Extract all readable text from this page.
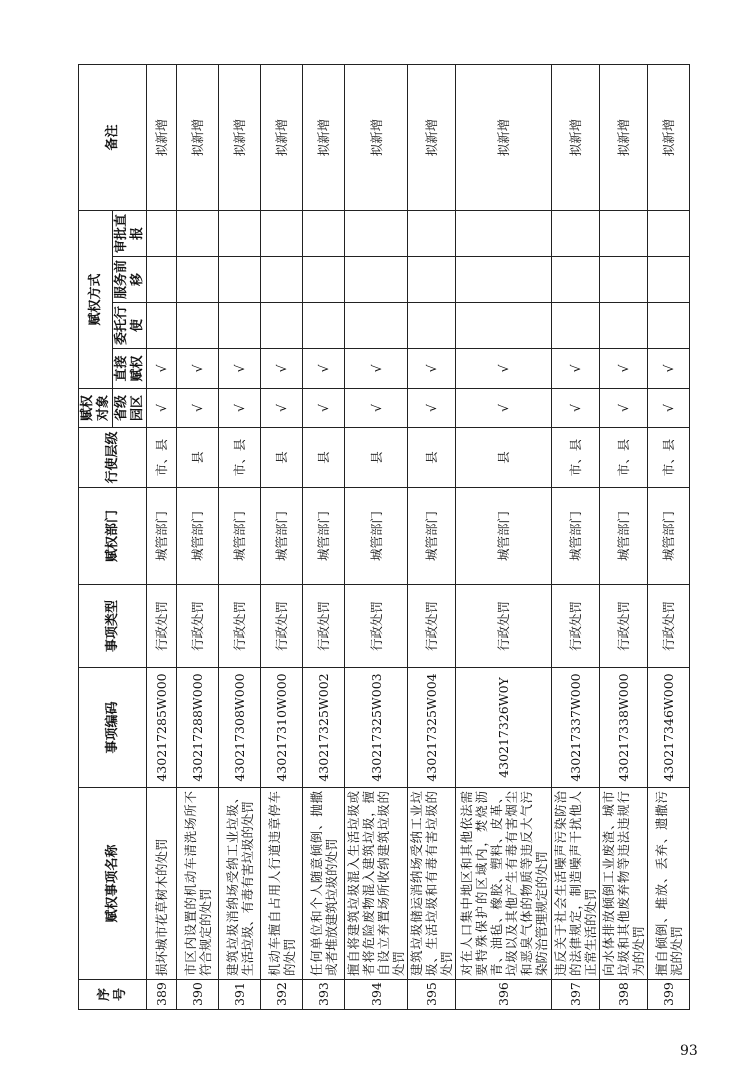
序号	赋权事项名称	事项编码	事项类型	赋权部门	行使层级	赋权对象	赋权方式				备注
						省级园区	直接赋权	委托行使	服务前移	审批直报	
389	损坏城市花草树木的处罚	430217285W000	行政处罚	城管部门	市、县	√	√				拟新增
390	市区内设置的机动车清洗场所不符合规定的处罚	430217288W000	行政处罚	城管部门	县	√	√				拟新增
391	建筑垃圾消纳场受纳工业垃圾、生活垃圾、有毒有害垃圾的处罚	430217308W000	行政处罚	城管部门	市、县	√	√				拟新增
392	机动车擅自占用人行道违章停车的处罚	430217310W000	行政处罚	城管部门	县	√	√				拟新增
393	任何单位和个人随意倾倒、抛撒或者堆放建筑垃圾的处罚	430217325W002	行政处罚	城管部门	县	√	√				拟新增
394	擅自将建筑垃圾混入生活垃圾或者将危险废物混入建筑垃圾，擅自设立弃置场所收纳建筑垃圾的处罚	430217325W003	行政处罚	城管部门	县	√	√				拟新增
395	建筑垃圾储运消纳场受纳工业垃圾、生活垃圾和有毒有害垃圾的处罚	430217325W004	行政处罚	城管部门	县	√	√				拟新增
396	对在人口集中地区和其他依法需要特殊保护的区域内，焚烧沥青、油毡、橡胶、塑料、皮革、垃圾以及其他产生有毒有害烟尘和恶臭气体的物质等违反大气污染防治管理规定的处罚	430217326W0Y	行政处罚	城管部门	县	√	√				拟新增
397	违反关于社会生活噪声污染防治的法律规定，制造噪声干扰他人正常生活的处罚	430217337W000	行政处罚	城管部门	市、县	√	√				拟新增
398	向水体排放倾倒工业废渣、城市垃圾和其他废弃物等违法违规行为的处罚	430217338W000	行政处罚	城管部门	市、县	√	√				拟新增
399	擅自倾倒、堆放、丢弃、遗撒污泥的处罚	430217346W000	行政处罚	城管部门	市、县	√	√				拟新增
93
